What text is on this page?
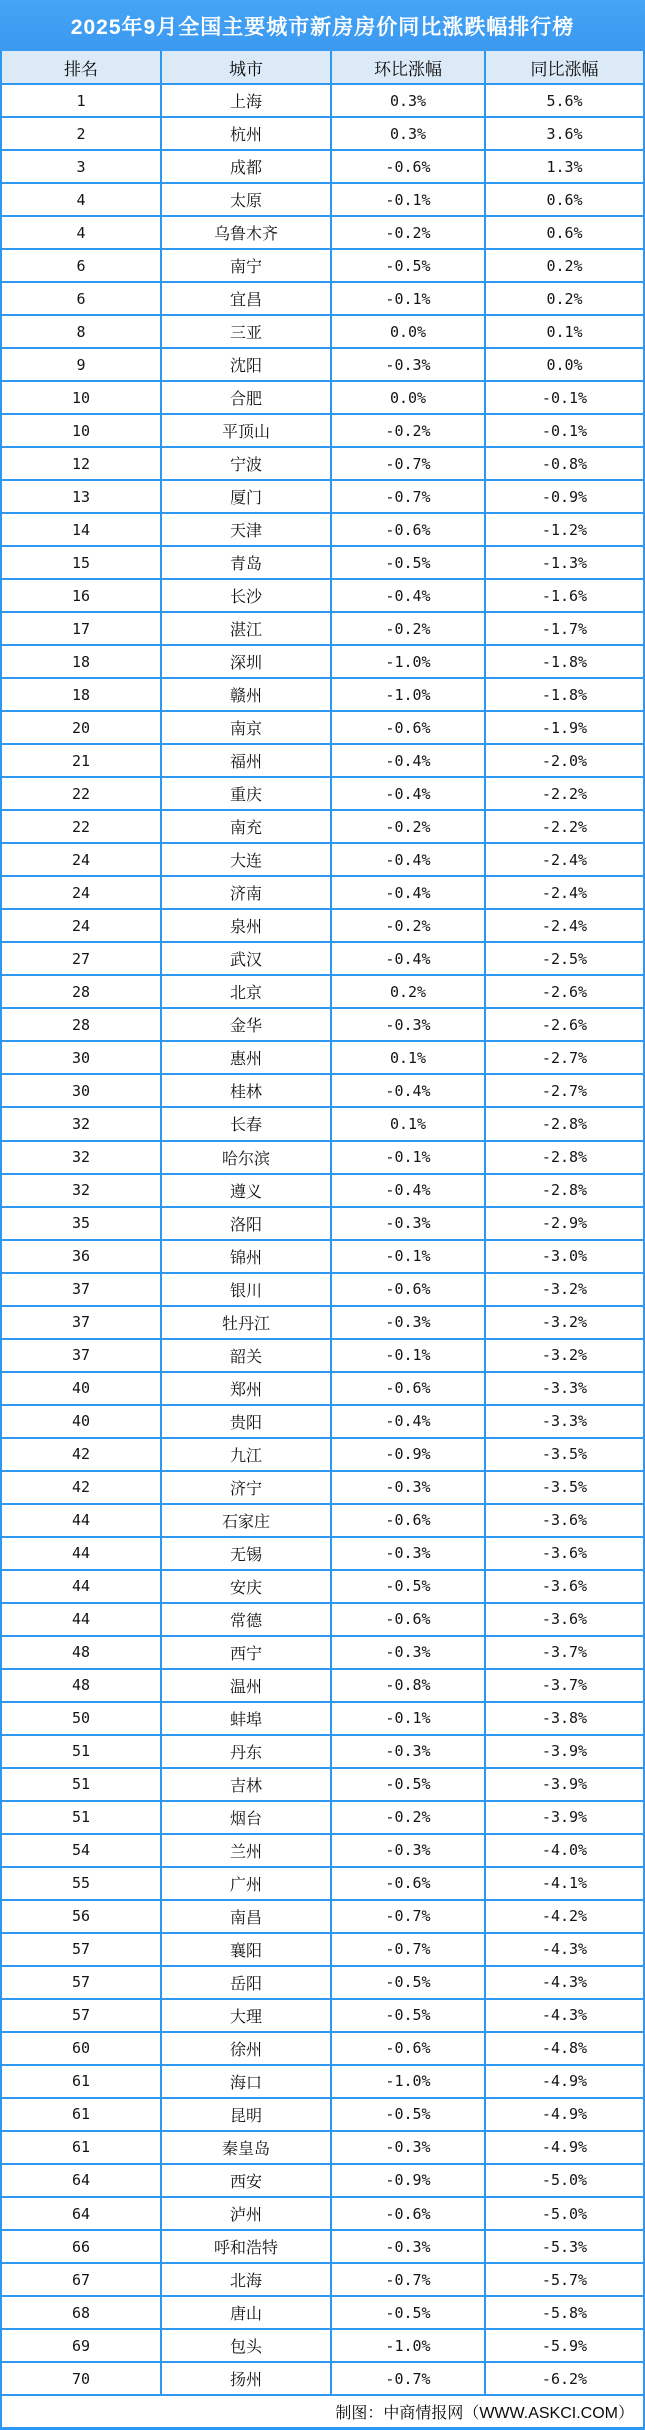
2025年9月全国主要城市新房房价同比涨跌幅排行榜
排名	城市	环比涨幅	同比涨幅
1	上海	0.3%	5.6%
2	杭州	0.3%	3.6%
3	成都	-0.6%	1.3%
4	太原	-0.1%	0.6%
4	乌鲁木齐	-0.2%	0.6%
6	南宁	-0.5%	0.2%
6	宜昌	-0.1%	0.2%
8	三亚	0.0%	0.1%
9	沈阳	-0.3%	0.0%
10	合肥	0.0%	-0.1%
10	平顶山	-0.2%	-0.1%
12	宁波	-0.7%	-0.8%
13	厦门	-0.7%	-0.9%
14	天津	-0.6%	-1.2%
15	青岛	-0.5%	-1.3%
16	长沙	-0.4%	-1.6%
17	湛江	-0.2%	-1.7%
18	深圳	-1.0%	-1.8%
18	赣州	-1.0%	-1.8%
20	南京	-0.6%	-1.9%
21	福州	-0.4%	-2.0%
22	重庆	-0.4%	-2.2%
22	南充	-0.2%	-2.2%
24	大连	-0.4%	-2.4%
24	济南	-0.4%	-2.4%
24	泉州	-0.2%	-2.4%
27	武汉	-0.4%	-2.5%
28	北京	0.2%	-2.6%
28	金华	-0.3%	-2.6%
30	惠州	0.1%	-2.7%
30	桂林	-0.4%	-2.7%
32	长春	0.1%	-2.8%
32	哈尔滨	-0.1%	-2.8%
32	遵义	-0.4%	-2.8%
35	洛阳	-0.3%	-2.9%
36	锦州	-0.1%	-3.0%
37	银川	-0.6%	-3.2%
37	牡丹江	-0.3%	-3.2%
37	韶关	-0.1%	-3.2%
40	郑州	-0.6%	-3.3%
40	贵阳	-0.4%	-3.3%
42	九江	-0.9%	-3.5%
42	济宁	-0.3%	-3.5%
44	石家庄	-0.6%	-3.6%
44	无锡	-0.3%	-3.6%
44	安庆	-0.5%	-3.6%
44	常德	-0.6%	-3.6%
48	西宁	-0.3%	-3.7%
48	温州	-0.8%	-3.7%
50	蚌埠	-0.1%	-3.8%
51	丹东	-0.3%	-3.9%
51	吉林	-0.5%	-3.9%
51	烟台	-0.2%	-3.9%
54	兰州	-0.3%	-4.0%
55	广州	-0.6%	-4.1%
56	南昌	-0.7%	-4.2%
57	襄阳	-0.7%	-4.3%
57	岳阳	-0.5%	-4.3%
57	大理	-0.5%	-4.3%
60	徐州	-0.6%	-4.8%
61	海口	-1.0%	-4.9%
61	昆明	-0.5%	-4.9%
61	秦皇岛	-0.3%	-4.9%
64	西安	-0.9%	-5.0%
64	泸州	-0.6%	-5.0%
66	呼和浩特	-0.3%	-5.3%
67	北海	-0.7%	-5.7%
68	唐山	-0.5%	-5.8%
69	包头	-1.0%	-5.9%
70	扬州	-0.7%	-6.2%
制图：中商情报网（WWW.ASKCI.COM）
